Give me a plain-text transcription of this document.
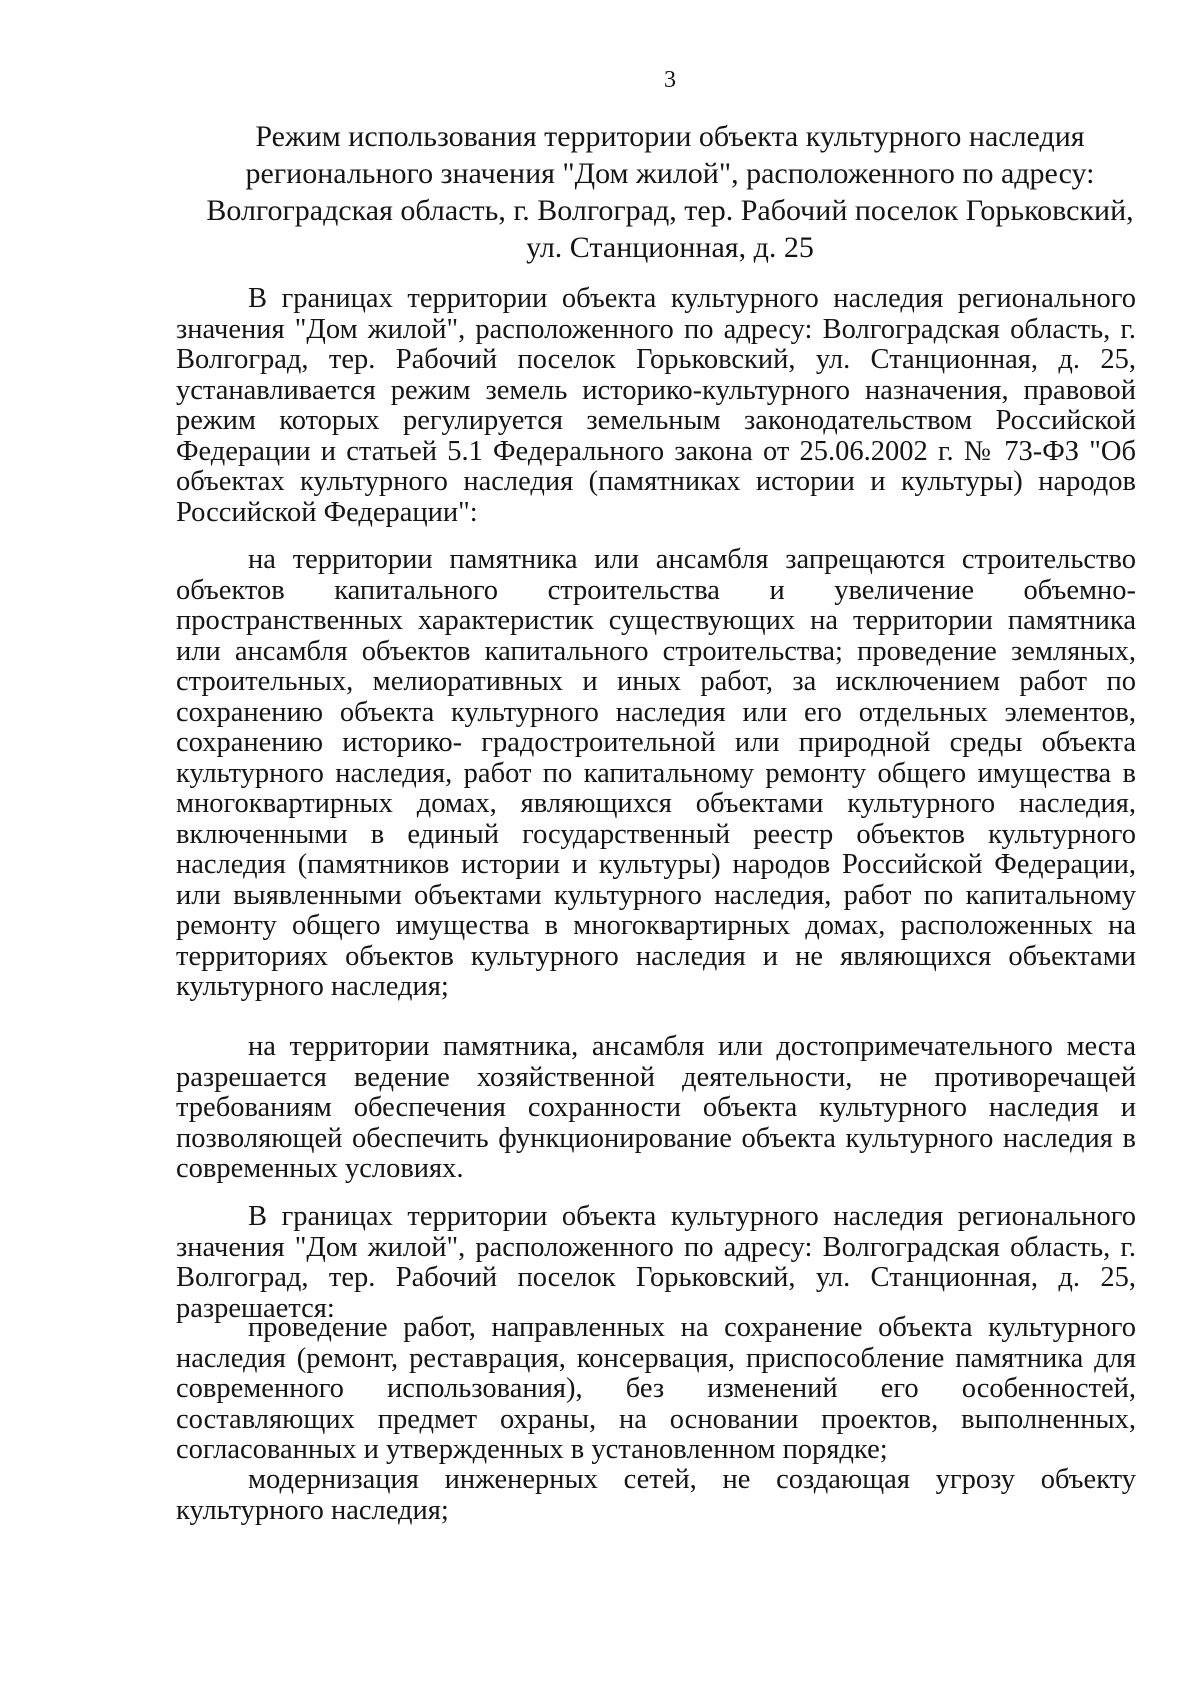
3
Режим использования территории объекта культурного наследия
регионального значения "Дом жилой", расположенного по адресу:
Волгоградская область, г. Волгоград, тер. Рабочий поселок Горьковский,
ул. Станционная, д. 25

В границах территории объекта культурного наследия регионального значения "Дом жилой", расположенного по адресу: Волгоградская область, г. Волгоград, тер. Рабочий поселок Горьковский, ул. Станционная, д. 25, устанавливается режим земель историко-культурного назначения, правовой режим которых регулируется земельным законодательством Российской Федерации и статьей 5.1 Федерального закона от 25.06.2002 г. № 73-ФЗ "Об объектах культурного наследия (памятниках истории и культуры) народов Российской Федерации":

на территории памятника или ансамбля запрещаются строительство объектов капитального строительства и увеличение объемно-пространственных характеристик существующих на территории памятника или ансамбля объектов капитального строительства; проведение земляных, строительных, мелиоративных и иных работ, за исключением работ по сохранению объекта культурного наследия или его отдельных элементов, сохранению историко- градостроительной или природной среды объекта культурного наследия, работ по капитальному ремонту общего имущества в многоквартирных домах, являющихся объектами культурного наследия, включенными в единый государственный реестр объектов культурного наследия (памятников истории и культуры) народов Российской Федерации, или выявленными объектами культурного наследия, работ по капитальному ремонту общего имущества в многоквартирных домах, расположенных на территориях объектов культурного наследия и не являющихся объектами культурного наследия;

на территории памятника, ансамбля или достопримечательного места разрешается ведение хозяйственной деятельности, не противоречащей требованиям обеспечения сохранности объекта культурного наследия и позволяющей обеспечить функционирование объекта культурного наследия в современных условиях.

В границах территории объекта культурного наследия регионального значения "Дом жилой", расположенного по адресу: Волгоградская область, г. Волгоград, тер. Рабочий поселок Горьковский, ул. Станционная, д. 25, разрешается:

проведение работ, направленных на сохранение объекта культурного наследия (ремонт, реставрация, консервация, приспособление памятника для современного использования), без изменений его особенностей, составляющих предмет охраны, на основании проектов, выполненных, согласованных и утвержденных в установленном порядке;

модернизация инженерных сетей, не создающая угрозу объекту культурного наследия;
